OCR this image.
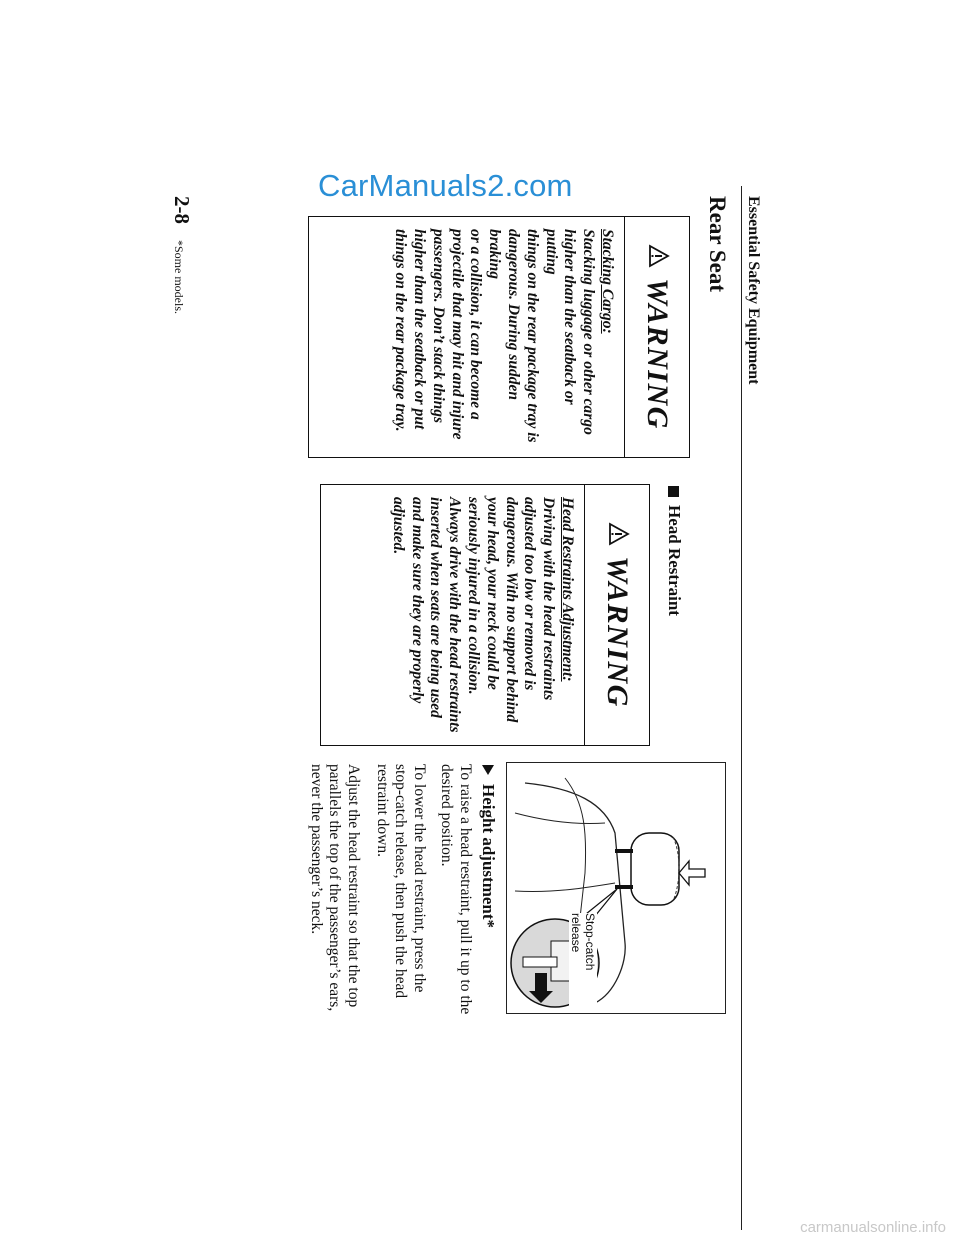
CarManuals2.com
carmanualsonline.info
Essential Safety Equipment
Rear Seat
WARNING
Stacking Cargo:
Stacking luggage or other cargo
higher than the seatback or putting
things on the rear package tray is
dangerous. During sudden braking
or a collision, it can become a
projectile that may hit and injure
passengers. Don’t stack things
higher than the seatback or put
things on the rear package tray.
Head Restraint
WARNING
Head Restraints Adjustment:
Driving with the head restraints
adjusted too low or removed is
dangerous. With no support behind
your head, your neck could be
seriously injured in a collision.
Always drive with the head restraints
inserted when seats are being used
and make sure they are properly
adjusted.
Stop-catch release
Height adjustment*
To raise a head restraint, pull it up to the
desired position.
To lower the head restraint, press the
stop-catch release, then push the head
restraint down.
Adjust the head restraint so that the top
parallels the top of the passenger’s ears,
never the passenger’s neck.
2-8
*Some models.
